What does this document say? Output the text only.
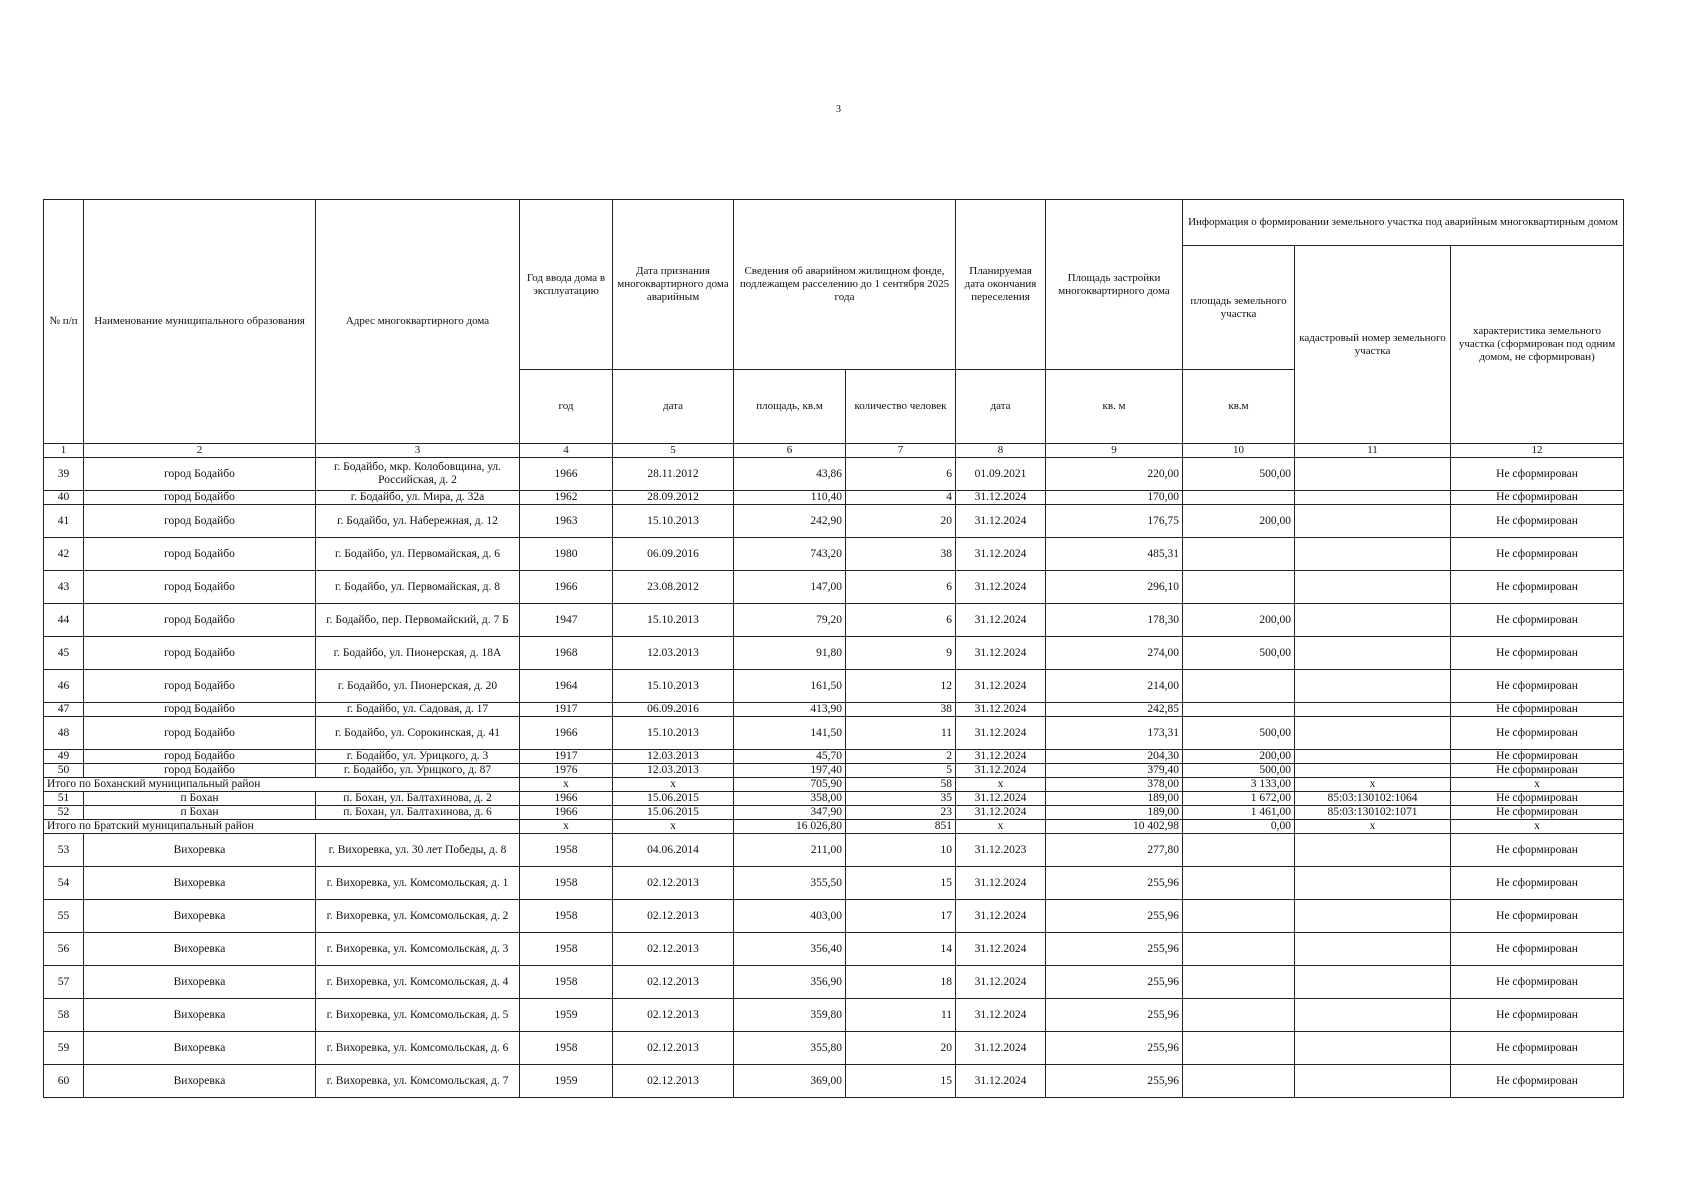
3
№ п/п	Наименование муниципального образования	Адрес многоквартирного дома	Год ввода дома в эксплуатацию	Дата признания многоквартирного дома аварийным	Сведения об аварийном жилищном фонде, подлежащем расселению до 1 сентября 2025 года		Планируемая дата окончания переселения	Площадь застройки многоквартирного дома	Информация о формировании земельного участка под аварийным многоквартирным домом		
									площадь земельного участка	кадастровый номер земельного участка	характеристика земельного участка (сформирован под одним домом, не сформирован)
			год	дата	площадь, кв.м	количество человек	дата	кв. м	кв.м		
1	2	3	4	5	6	7	8	9	10	11	12
39	город Бодайбо	г. Бодайбо, мкр. Колобовщина, ул. Российская, д. 2	1966	28.11.2012	43,86	6	01.09.2021	220,00	500,00		Не сформирован
40	город Бодайбо	г. Бодайбо, ул. Мира, д. 32а	1962	28.09.2012	110,40	4	31.12.2024	170,00			Не сформирован
41	город Бодайбо	г. Бодайбо, ул. Набережная, д. 12	1963	15.10.2013	242,90	20	31.12.2024	176,75	200,00		Не сформирован
42	город Бодайбо	г. Бодайбо, ул. Первомайская, д. 6	1980	06.09.2016	743,20	38	31.12.2024	485,31			Не сформирован
43	город Бодайбо	г. Бодайбо, ул. Первомайская, д. 8	1966	23.08.2012	147,00	6	31.12.2024	296,10			Не сформирован
44	город Бодайбо	г. Бодайбо, пер. Первомайский, д. 7 Б	1947	15.10.2013	79,20	6	31.12.2024	178,30	200,00		Не сформирован
45	город Бодайбо	г. Бодайбо, ул. Пионерская, д. 18А	1968	12.03.2013	91,80	9	31.12.2024	274,00	500,00		Не сформирован
46	город Бодайбо	г. Бодайбо, ул. Пионерская, д. 20	1964	15.10.2013	161,50	12	31.12.2024	214,00			Не сформирован
47	город Бодайбо	г. Бодайбо, ул. Садовая, д. 17	1917	06.09.2016	413,90	38	31.12.2024	242,85			Не сформирован
48	город Бодайбо	г. Бодайбо, ул. Сорокинская, д. 41	1966	15.10.2013	141,50	11	31.12.2024	173,31	500,00		Не сформирован
49	город Бодайбо	г. Бодайбо, ул. Урицкого, д. 3	1917	12.03.2013	45,70	2	31.12.2024	204,30	200,00		Не сформирован
50	город Бодайбо	г. Бодайбо, ул. Урицкого, д. 87	1976	12.03.2013	197,40	5	31.12.2024	379,40	500,00		Не сформирован
Итого по Боханский муниципальный район			x	x	705,90	58	x	378,00	3 133,00	x	x
51	п Бохан	п. Бохан, ул. Балтахинова, д. 2	1966	15.06.2015	358,00	35	31.12.2024	189,00	1 672,00	85:03:130102:1064	Не сформирован
52	п Бохан	п. Бохан, ул. Балтахинова, д. 6	1966	15.06.2015	347,90	23	31.12.2024	189,00	1 461,00	85:03:130102:1071	Не сформирован
Итого по Братский муниципальный район			x	x	16 026,80	851	x	10 402,98	0,00	x	x
53	Вихоревка	г. Вихоревка, ул. 30 лет Победы, д. 8	1958	04.06.2014	211,00	10	31.12.2023	277,80			Не сформирован
54	Вихоревка	г. Вихоревка, ул. Комсомольская, д. 1	1958	02.12.2013	355,50	15	31.12.2024	255,96			Не сформирован
55	Вихоревка	г. Вихоревка, ул. Комсомольская, д. 2	1958	02.12.2013	403,00	17	31.12.2024	255,96			Не сформирован
56	Вихоревка	г. Вихоревка, ул. Комсомольская, д. 3	1958	02.12.2013	356,40	14	31.12.2024	255,96			Не сформирован
57	Вихоревка	г. Вихоревка, ул. Комсомольская, д. 4	1958	02.12.2013	356,90	18	31.12.2024	255,96			Не сформирован
58	Вихоревка	г. Вихоревка, ул. Комсомольская, д. 5	1959	02.12.2013	359,80	11	31.12.2024	255,96			Не сформирован
59	Вихоревка	г. Вихоревка, ул. Комсомольская, д. 6	1958	02.12.2013	355,80	20	31.12.2024	255,96			Не сформирован
60	Вихоревка	г. Вихоревка, ул. Комсомольская, д. 7	1959	02.12.2013	369,00	15	31.12.2024	255,96			Не сформирован
